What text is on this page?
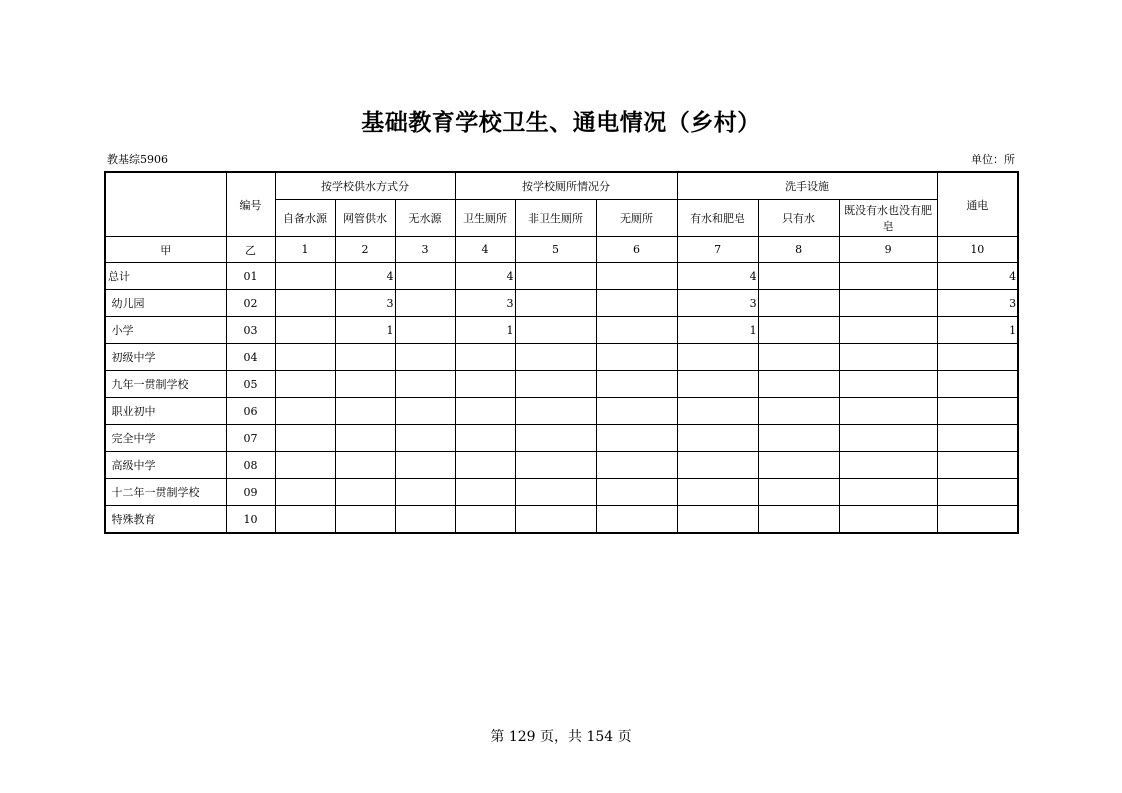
基础教育学校卫生、通电情况（乡村）
教基综5906	单位：所
	编号	按学校供水方式分			按学校厕所情况分			洗手设施			通电
		自备水源	网管供水	无水源	卫生厕所	非卫生厕所	无厕所	有水和肥皂	只有水	既没有水也没有肥皂	
甲	乙	1	2	3	4	5	6	7	8	9	10
总计	01		4		4			4			4
幼儿园	02		3		3			3			3
小学	03		1		1			1			1
初级中学	04										
九年一贯制学校	05										
职业初中	06										
完全中学	07										
高级中学	08										
十二年一贯制学校	09										
特殊教育	10										
第 129 页，共 154 页
